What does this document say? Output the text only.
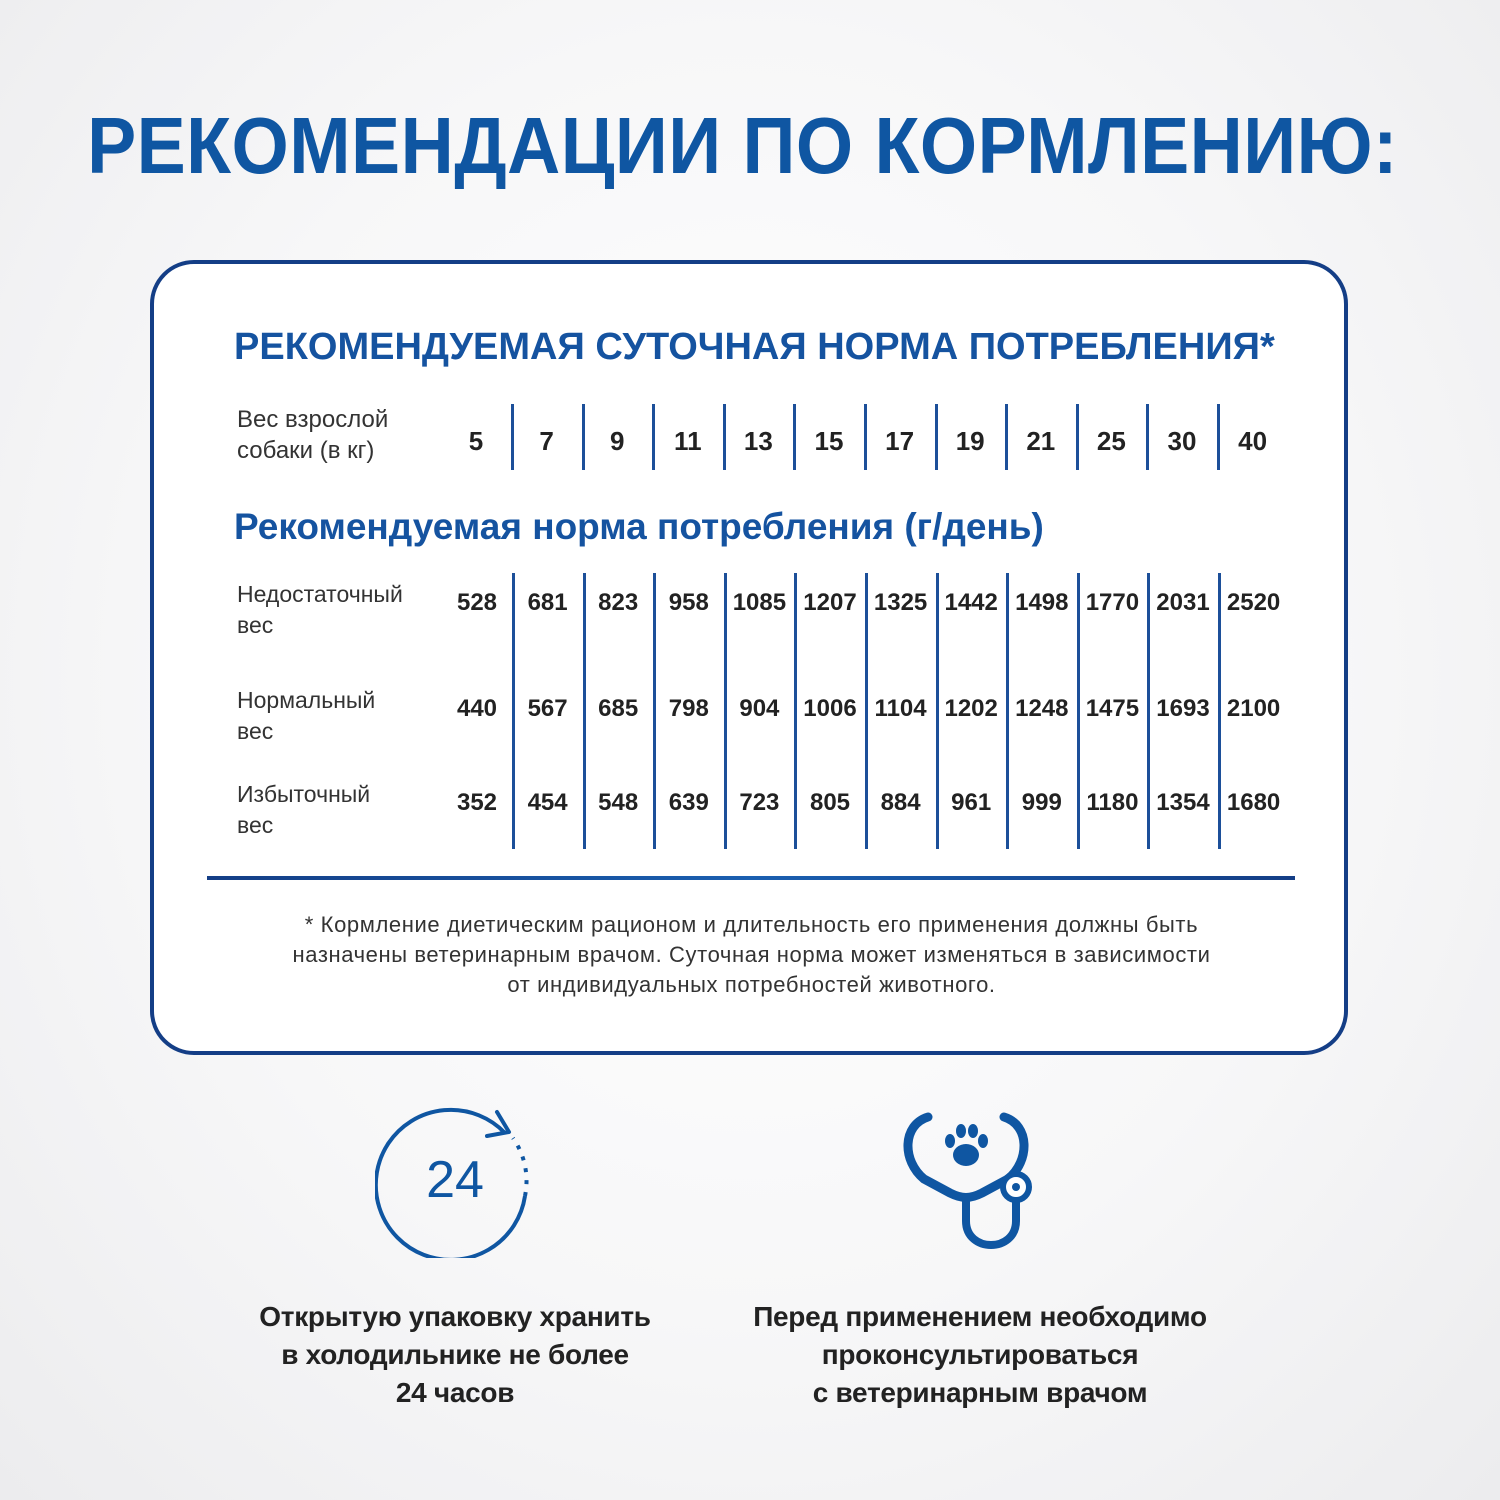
РЕКОМЕНДАЦИИ ПО КОРМЛЕНИЮ:
РЕКОМЕНДУЕМАЯ СУТОЧНАЯ НОРМА ПОТРЕБЛЕНИЯ*
Вес взрослой
собаки (в кг)	5	7	9	11	13	15	17	19	21	25	30	40
Рекомендуемая норма потребления (г/день)
Недостаточный
вес
528	681	823	958 1085 1207 1325 1442 1498 1770 2031 2520
Нормальный
вес
440	567	685	798	904 1006 1104 1202 1248 1475 1693 2100
Избыточный
вес
352	454	548	639	723	805	884	961	999	1180 1354 1680
* Кормление диетическим рационом и длительность его применения должны быть
назначены ветеринарным врачом. Суточная норма может изменяться в зависимости
от индивидуальных потребностей животного.
24
Открытую упаковку хранить
в холодильнике не более
24 часов
Перед применением необходимо
проконсультироваться
с ветеринарным врачом
